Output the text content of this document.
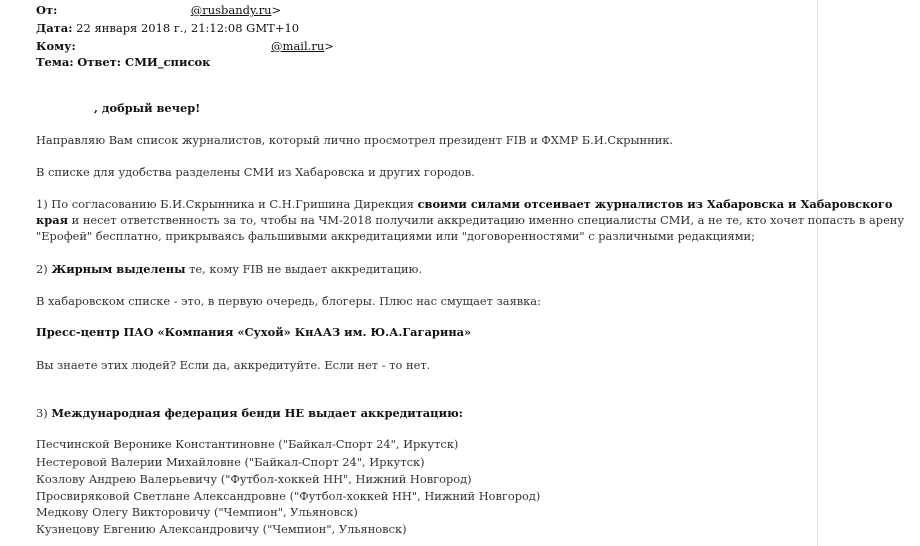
От:	@rusbandy.ru>
Дата: 22 января 2018 г., 21:12:08 GMT+10
Кому:	@mail.ru>
Тема: Ответ: СМИ_список
, добрый вечер!
Направляю Вам список журналистов, который лично просмотрел президент FIB и ФХМР Б.И.Скрынник.
В списке для удобства разделены СМИ из Хабаровска и других городов.
1) По согласованию Б.И.Скрынника и С.Н.Гришина Дирекция своими силами отсеивает журналистов из Хабаровска и Хабаровского
края и несет ответственность за то, чтобы на ЧМ-2018 получили аккредитацию именно специалисты СМИ, а не те, кто хочет попасть в арену
"Ерофей" бесплатно, прикрываясь фальшивыми аккредитациями или "договоренностями" с различными редакциями;
2) Жирным выделены те, кому FIB не выдает аккредитацию.
В хабаровском списке - это, в первую очередь, блогеры. Плюс нас смущает заявка:
Пресс-центр ПАО «Компания «Сухой» КнААЗ им. Ю.А.Гагарина»
Вы знаете этих людей? Если да, аккредитуйте. Если нет - то нет.
3) Международная федерация бенди НЕ выдает аккредитацию:
Песчинской Веронике Константиновне ("Байкал-Спорт 24", Иркутск)
Нестеровой Валерии Михайловне ("Байкал-Спорт 24", Иркутск)
Козлову Андрею Валерьевичу ("Футбол-хоккей НН", Нижний Новгород)
Просвиряковой Светлане Александровне ("Футбол-хоккей НН", Нижний Новгород)
Медкову Олегу Викторовичу ("Чемпион", Ульяновск)
Кузнецову Евгению Александровичу ("Чемпион", Ульяновск)
